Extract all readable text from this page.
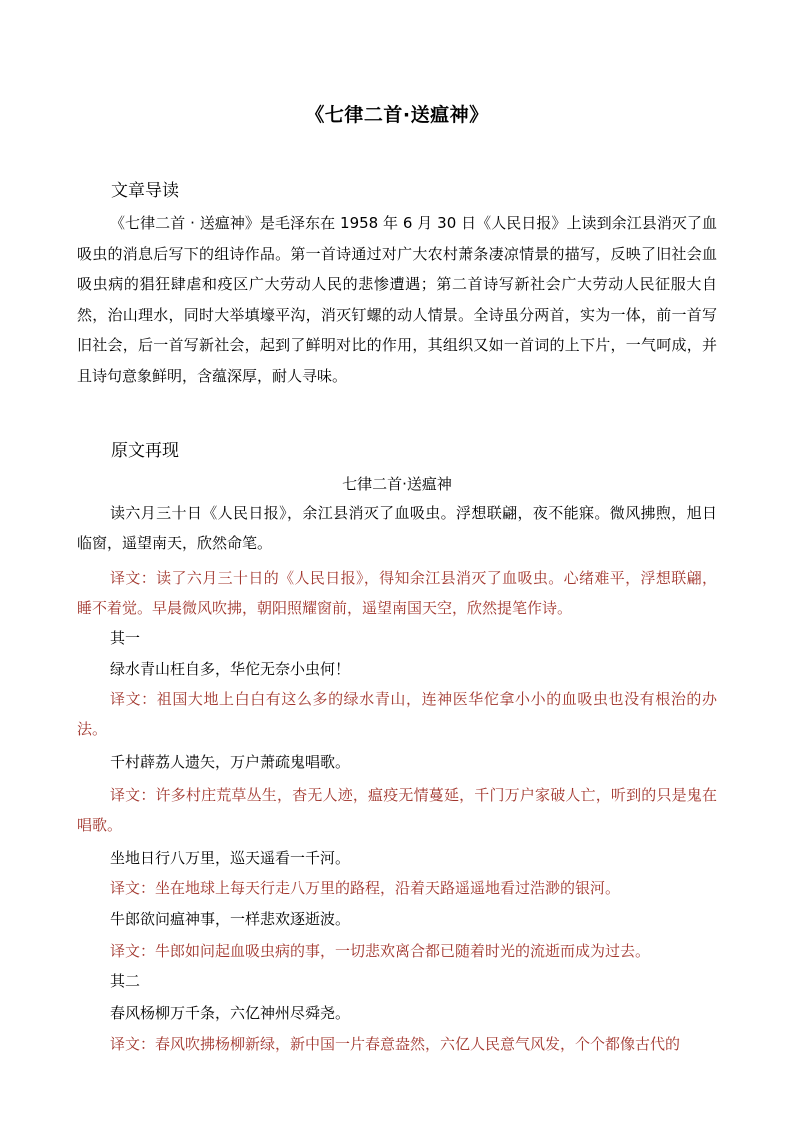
《七律二首·送瘟神》
文章导读

《七律二首 · 送瘟神》是毛泽东在 1958 年 6 月 30 日《人民日报》上读到余江县消灭了血吸虫的消息后写下的组诗作品。第一首诗通过对广大农村萧条凄凉情景的描写，反映了旧社会血吸虫病的猖狂肆虐和疫区广大劳动人民的悲惨遭遇；第二首诗写新社会广大劳动人民征服大自然，治山理水，同时大举填壕平沟，消灭钉螺的动人情景。全诗虽分两首，实为一体，前一首写旧社会，后一首写新社会，起到了鲜明对比的作用，其组织又如一首词的上下片，一气呵成，并且诗句意象鲜明，含蕴深厚，耐人寻味。

原文再现
七律二首·送瘟神

读六月三十日《人民日报》，余江县消灭了血吸虫。浮想联翩，夜不能寐。微风拂煦，旭日临窗，遥望南天，欣然命笔。

译文：读了六月三十日的《人民日报》，得知余江县消灭了血吸虫。心绪难平，浮想联翩，睡不着觉。早晨微风吹拂，朝阳照耀窗前，遥望南国天空，欣然提笔作诗。

其一

绿水青山枉自多，华佗无奈小虫何！

译文：祖国大地上白白有这么多的绿水青山，连神医华佗拿小小的血吸虫也没有根治的办法。

千村薜荔人遗矢，万户萧疏鬼唱歌。

译文：许多村庄荒草丛生，杳无人迹，瘟疫无情蔓延，千门万户家破人亡，听到的只是鬼在唱歌。

坐地日行八万里，巡天遥看一千河。

译文：坐在地球上每天行走八万里的路程，沿着天路遥遥地看过浩渺的银河。

牛郎欲问瘟神事，一样悲欢逐逝波。

译文：牛郎如问起血吸虫病的事，一切悲欢离合都已随着时光的流逝而成为过去。

其二

春风杨柳万千条，六亿神州尽舜尧。

译文：春风吹拂杨柳新绿，新中国一片春意盎然，六亿人民意气风发，个个都像古代的
